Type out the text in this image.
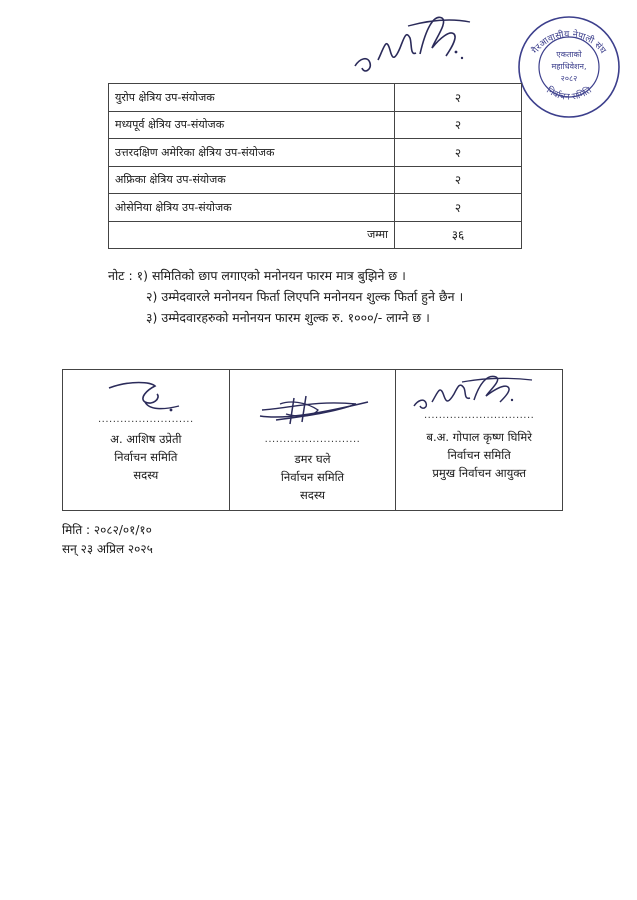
गैरआवासीय नेपाली संघ
निर्वाचन समिति
एकताको
महाधिवेशन,
२०८२
युरोप क्षेत्रिय उप-संयोजक	२
मध्यपूर्व क्षेत्रिय उप-संयोजक	२
उत्तरदक्षिण अमेरिका क्षेत्रिय उप-संयोजक	२
अफ्रिका क्षेत्रिय उप-संयोजक	२
ओसेनिया क्षेत्रिय उप-संयोजक	२
जम्मा	३६
नोट : १) समितिको छाप लगाएको मनोनयन फारम मात्र बुझिने छ ।
२) उम्मेदवारले मनोनयन फिर्ता लिएपनि मनोनयन शुल्क फिर्ता हुने छैन ।
३) उम्मेदवारहरुको मनोनयन फारम शुल्क रु. १०००/- लाग्ने छ ।
..........................
अ. आशिष उप्रेती
निर्वाचन समिति
सदस्य
..........................
डमर घले
निर्वाचन समिति
सदस्य
..............................
ब.अ. गोपाल कृष्ण घिमिरे
निर्वाचन समिति
प्रमुख निर्वाचन आयुक्त
मिति : २०८२/०१/१०
सन् २३ अप्रिल २०२५
